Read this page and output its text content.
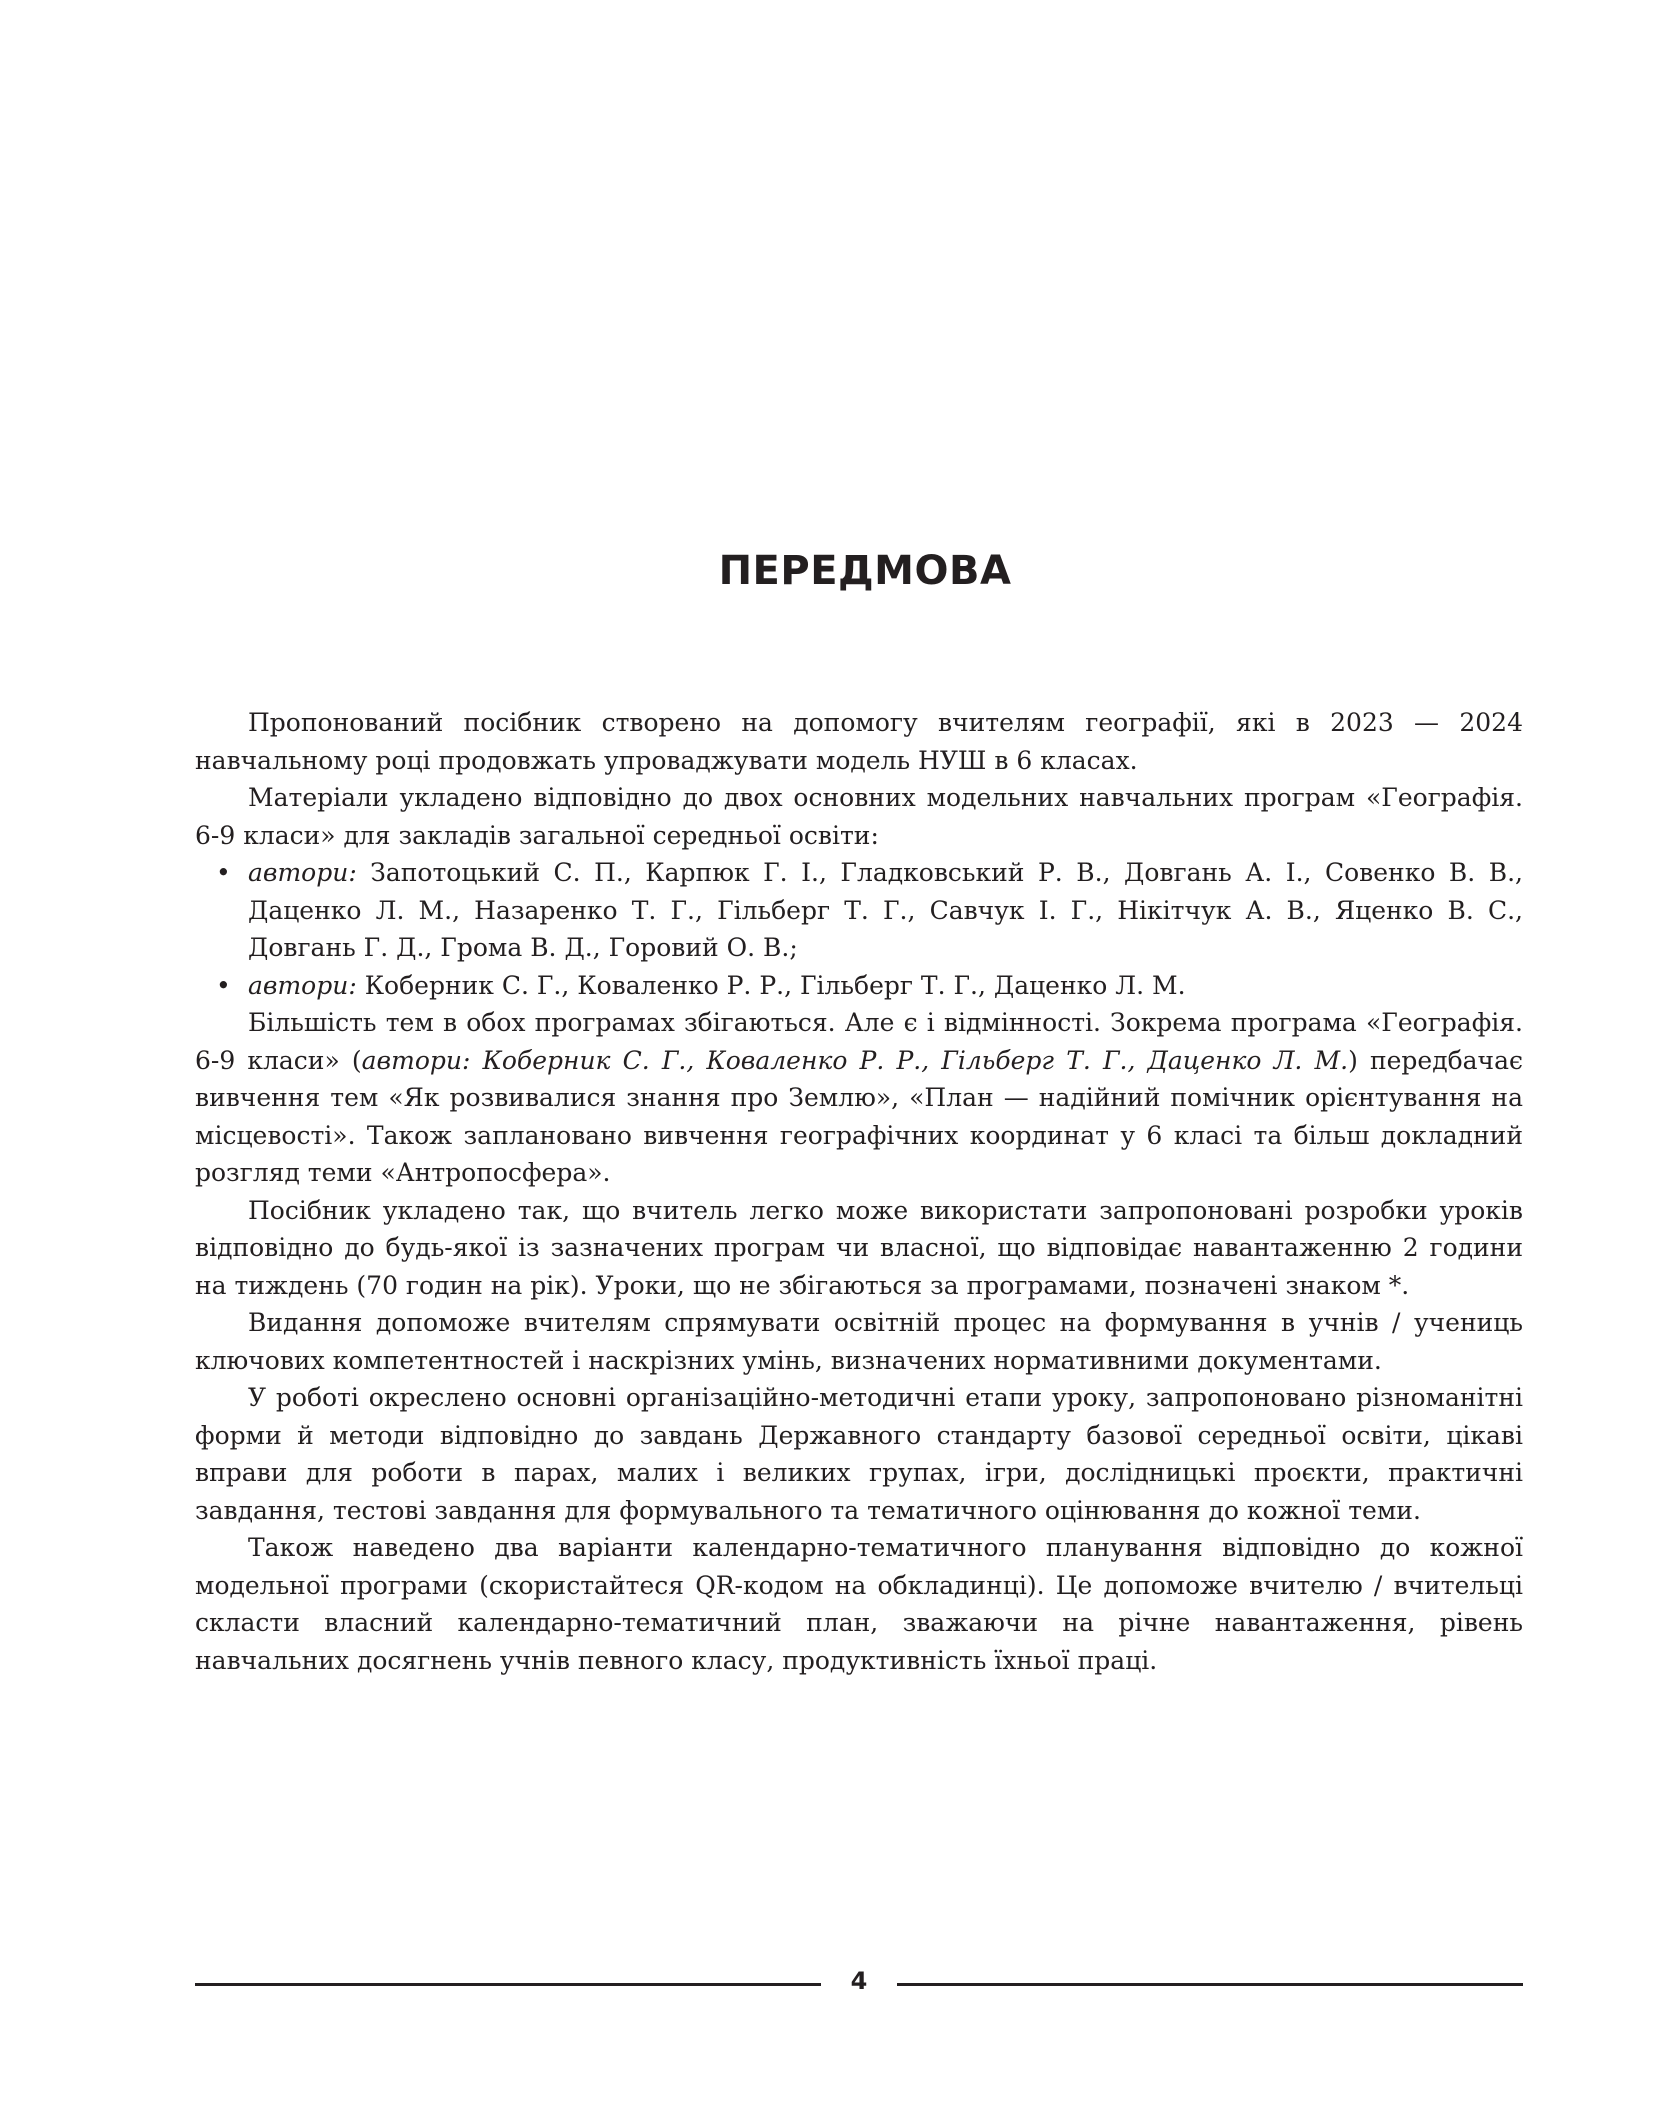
ПЕРЕДМОВА

Пропонований посібник створено на допомогу вчителям географії, які в 2023 — 2024 навчальному році продовжать упроваджувати модель НУШ в 6 класах.

Матеріали укладено відповідно до двох основних модельних навчальних програм «Географія. 6-9 класи» для закладів загальної середньої освіти:

• автори: Запотоцький С. П., Карпюк Г. І., Гладковський Р. В., Довгань А. І., Совенко В. В., Даценко Л. М., Назаренко Т. Г., Гільберг Т. Г., Савчук І. Г., Нікітчук А. В., Яценко В. С., Довгань Г. Д., Грома В. Д., Горовий О. В.;
• автори: Коберник С. Г., Коваленко Р. Р., Гільберг Т. Г., Даценко Л. М.

Більшість тем в обох програмах збігаються. Але є і відмінності. Зокрема програма «Географія. 6-9 класи» (автори: Коберник С. Г., Коваленко Р. Р., Гільберг Т. Г., Даценко Л. М.) передбачає вивчення тем «Як розвивалися знання про Землю», «План — надійний помічник орієнтування на місцевості». Також заплановано вивчення географічних координат у 6 класі та більш докладний розгляд теми «Антропосфера».

Посібник укладено так, що вчитель легко може використати запропоновані розробки уроків відповідно до будь-якої із зазначених програм чи власної, що відповідає навантаженню 2 години на тиждень (70 годин на рік). Уроки, що не збігаються за програмами, позначені знаком *.

Видання допоможе вчителям спрямувати освітній процес на формування в учнів / учениць ключових компетентностей і наскрізних умінь, визначених нормативними документами.

У роботі окреслено основні організаційно-методичні етапи уроку, запропоновано різноманітні форми й методи відповідно до завдань Державного стандарту базової середньої освіти, цікаві вправи для роботи в парах, малих і великих групах, ігри, дослідницькі проєкти, практичні завдання, тестові завдання для формувального та тематичного оцінювання до кожної теми.

Також наведено два варіанти календарно-тематичного планування відповідно до кожної модельної програми (скористайтеся QR-кодом на обкладинці). Це допоможе вчителю / вчительці скласти власний календарно-тематичний план, зважаючи на річне навантаження, рівень навчальних досягнень учнів певного класу, продуктивність їхньої праці.

4
